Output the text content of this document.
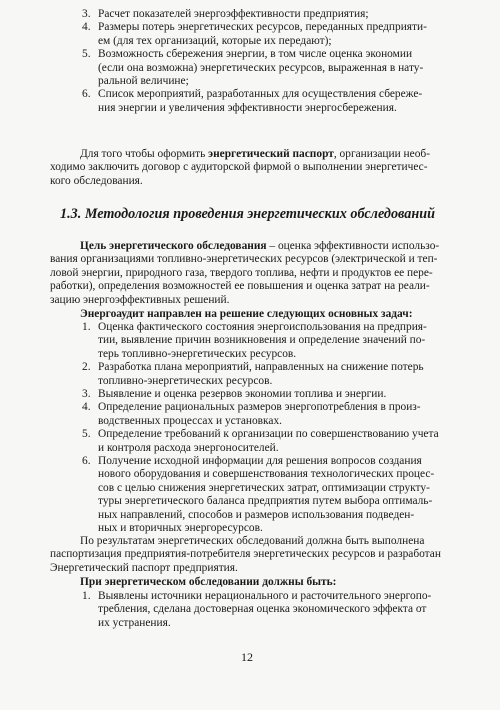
3. Расчет показателей энергоэффективности предприятия;
4. Размеры потерь энергетических ресурсов, переданных предприяти-
ем (для тех организаций, которые их передают);
5. Возможность сбережения энергии, в том числе оценка экономии
(если она возможна) энергетических ресурсов, выраженная в нату-
ральной величине;
6. Список мероприятий, разработанных для осуществления сбереже-
ния энергии и увеличения эффективности энергосбережения.
Для того чтобы оформить энергетический паспорт, организации необ-
ходимо заключить договор с аудиторской фирмой о выполнении энергетичес-
кого обследования.
1.3. Методология проведения энергетических обследований
Цель энергетического обследования – оценка эффективности использо-
вания организациями топливно-энергетических ресурсов (электрической и теп-
ловой энергии, природного газа, твердого топлива, нефти и продуктов ее пере-
работки), определения возможностей ее повышения и оценка затрат на реали-
зацию энергоэффективных решений.
Энергоаудит направлен на решение следующих основных задач:
1. Оценка фактического состояния энергоиспользования на предприя-
тии, выявление причин возникновения и определение значений по-
терь топливно-энергетических ресурсов.
2. Разработка плана мероприятий, направленных на снижение потерь
топливно-энергетических ресурсов.
3. Выявление и оценка резервов экономии топлива и энергии.
4. Определение рациональных размеров энергопотребления в произ-
водственных процессах и установках.
5. Определение требований к организации по совершенствованию учета
и контроля расхода энергоносителей.
6. Получение исходной информации для решения вопросов создания
нового оборудования и совершенствования технологических процес-
сов с целью снижения энергетических затрат, оптимизации структу-
туры энергетического баланса предприятия путем выбора оптималь-
ных направлений, способов и размеров использования подведен-
ных и вторичных энергоресурсов.
По результатам энергетических обследований должна быть выполнена
паспортизация предприятия-потребителя энергетических ресурсов и разработан
Энергетический паспорт предприятия.
При энергетическом обследовании должны быть:
1. Выявлены источники нерационального и расточительного энергопо-
требления, сделана достоверная оценка экономического эффекта от
их устранения.
12
